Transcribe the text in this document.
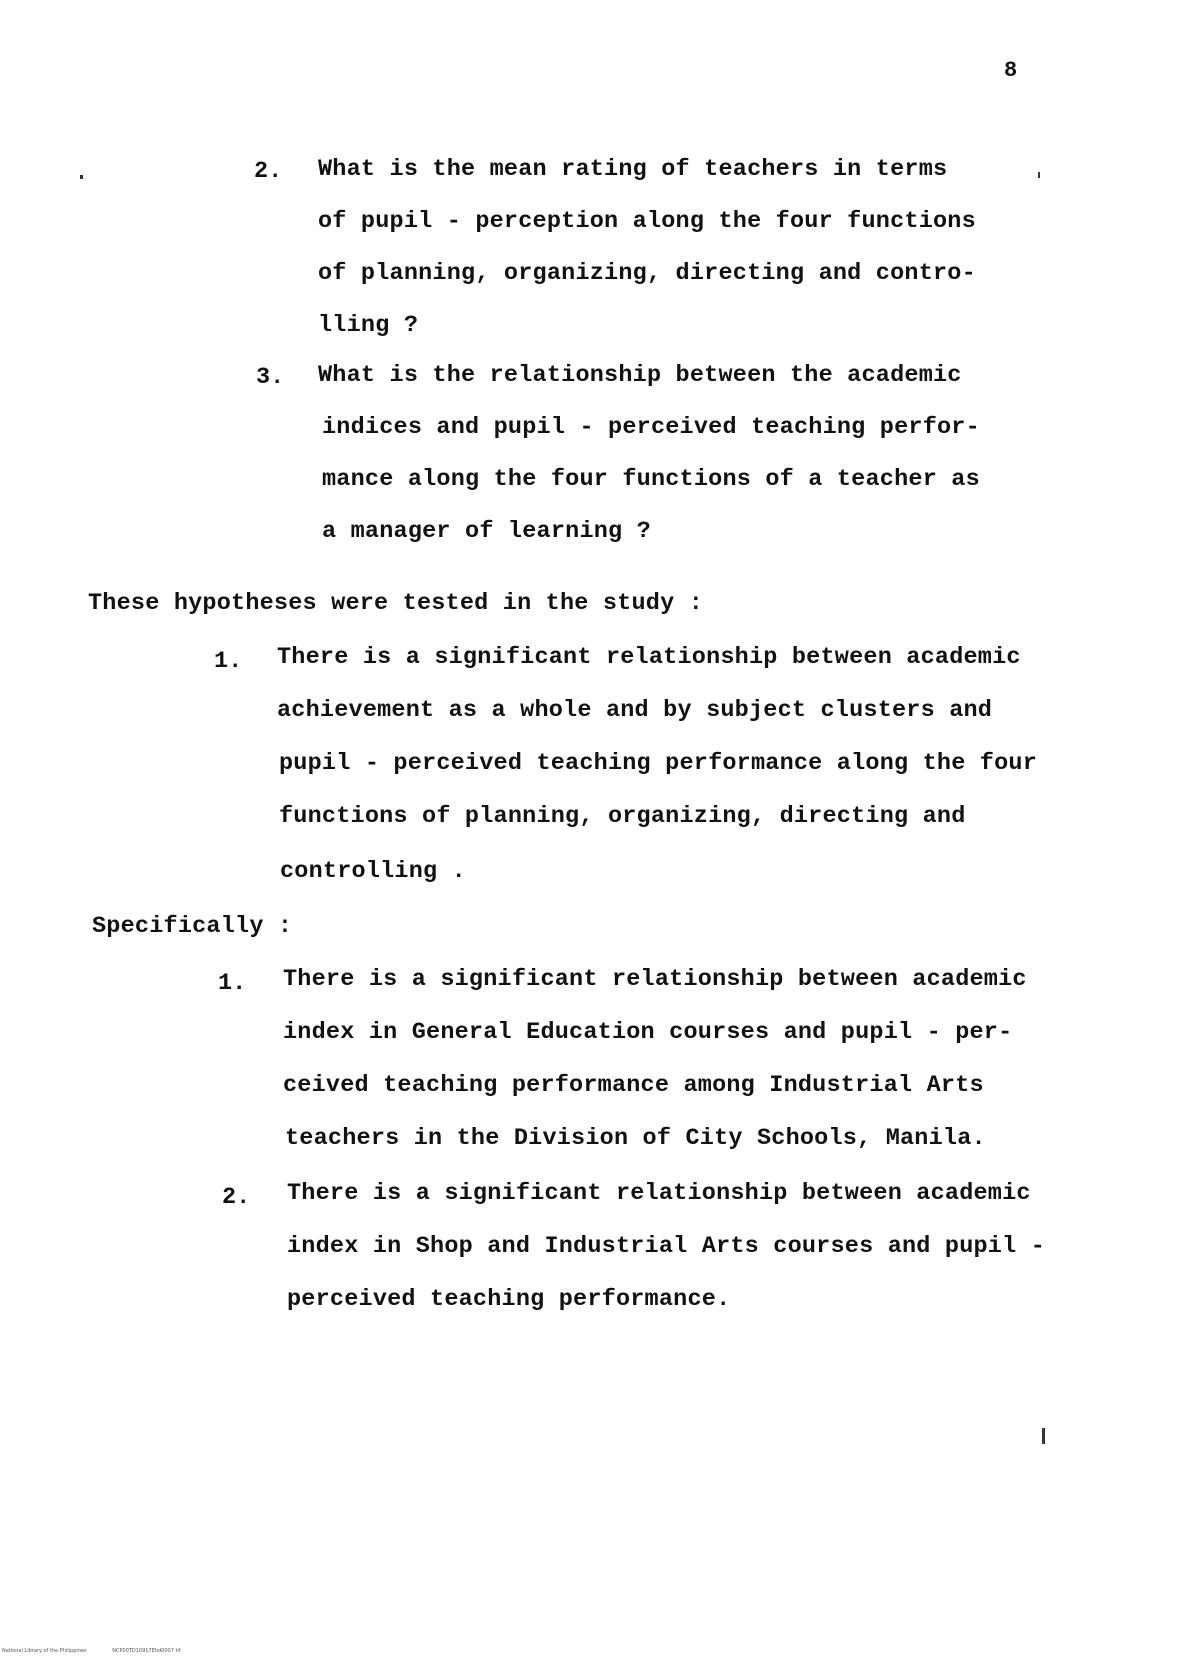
8
2. What is the mean rating of teachers in terms
of pupil - perception along the four functions
of planning, organizing, directing and contro-
lling ?
3. What is the relationship between the academic
indices and pupil - perceived teaching perfor-
mance along the four functions of a teacher as
a manager of learning ?
These hypotheses were tested in the study :
1. There is a significant relationship between academic
achievement as a whole and by subject clusters and
pupil - perceived teaching performance along the four
functions of planning, organizing, directing and
controlling .
Specifically :
1. There is a significant relationship between academic
index in General Education courses and pupil - per-
ceived teaching performance among Industrial Arts
teachers in the Division of City Schools, Manila.
2. There is a significant relationship between academic
index in Shop and Industrial Arts courses and pupil -
perceived teaching performance.
National Library of the Philippines	NCP00TD10917Ehd0007 tif
